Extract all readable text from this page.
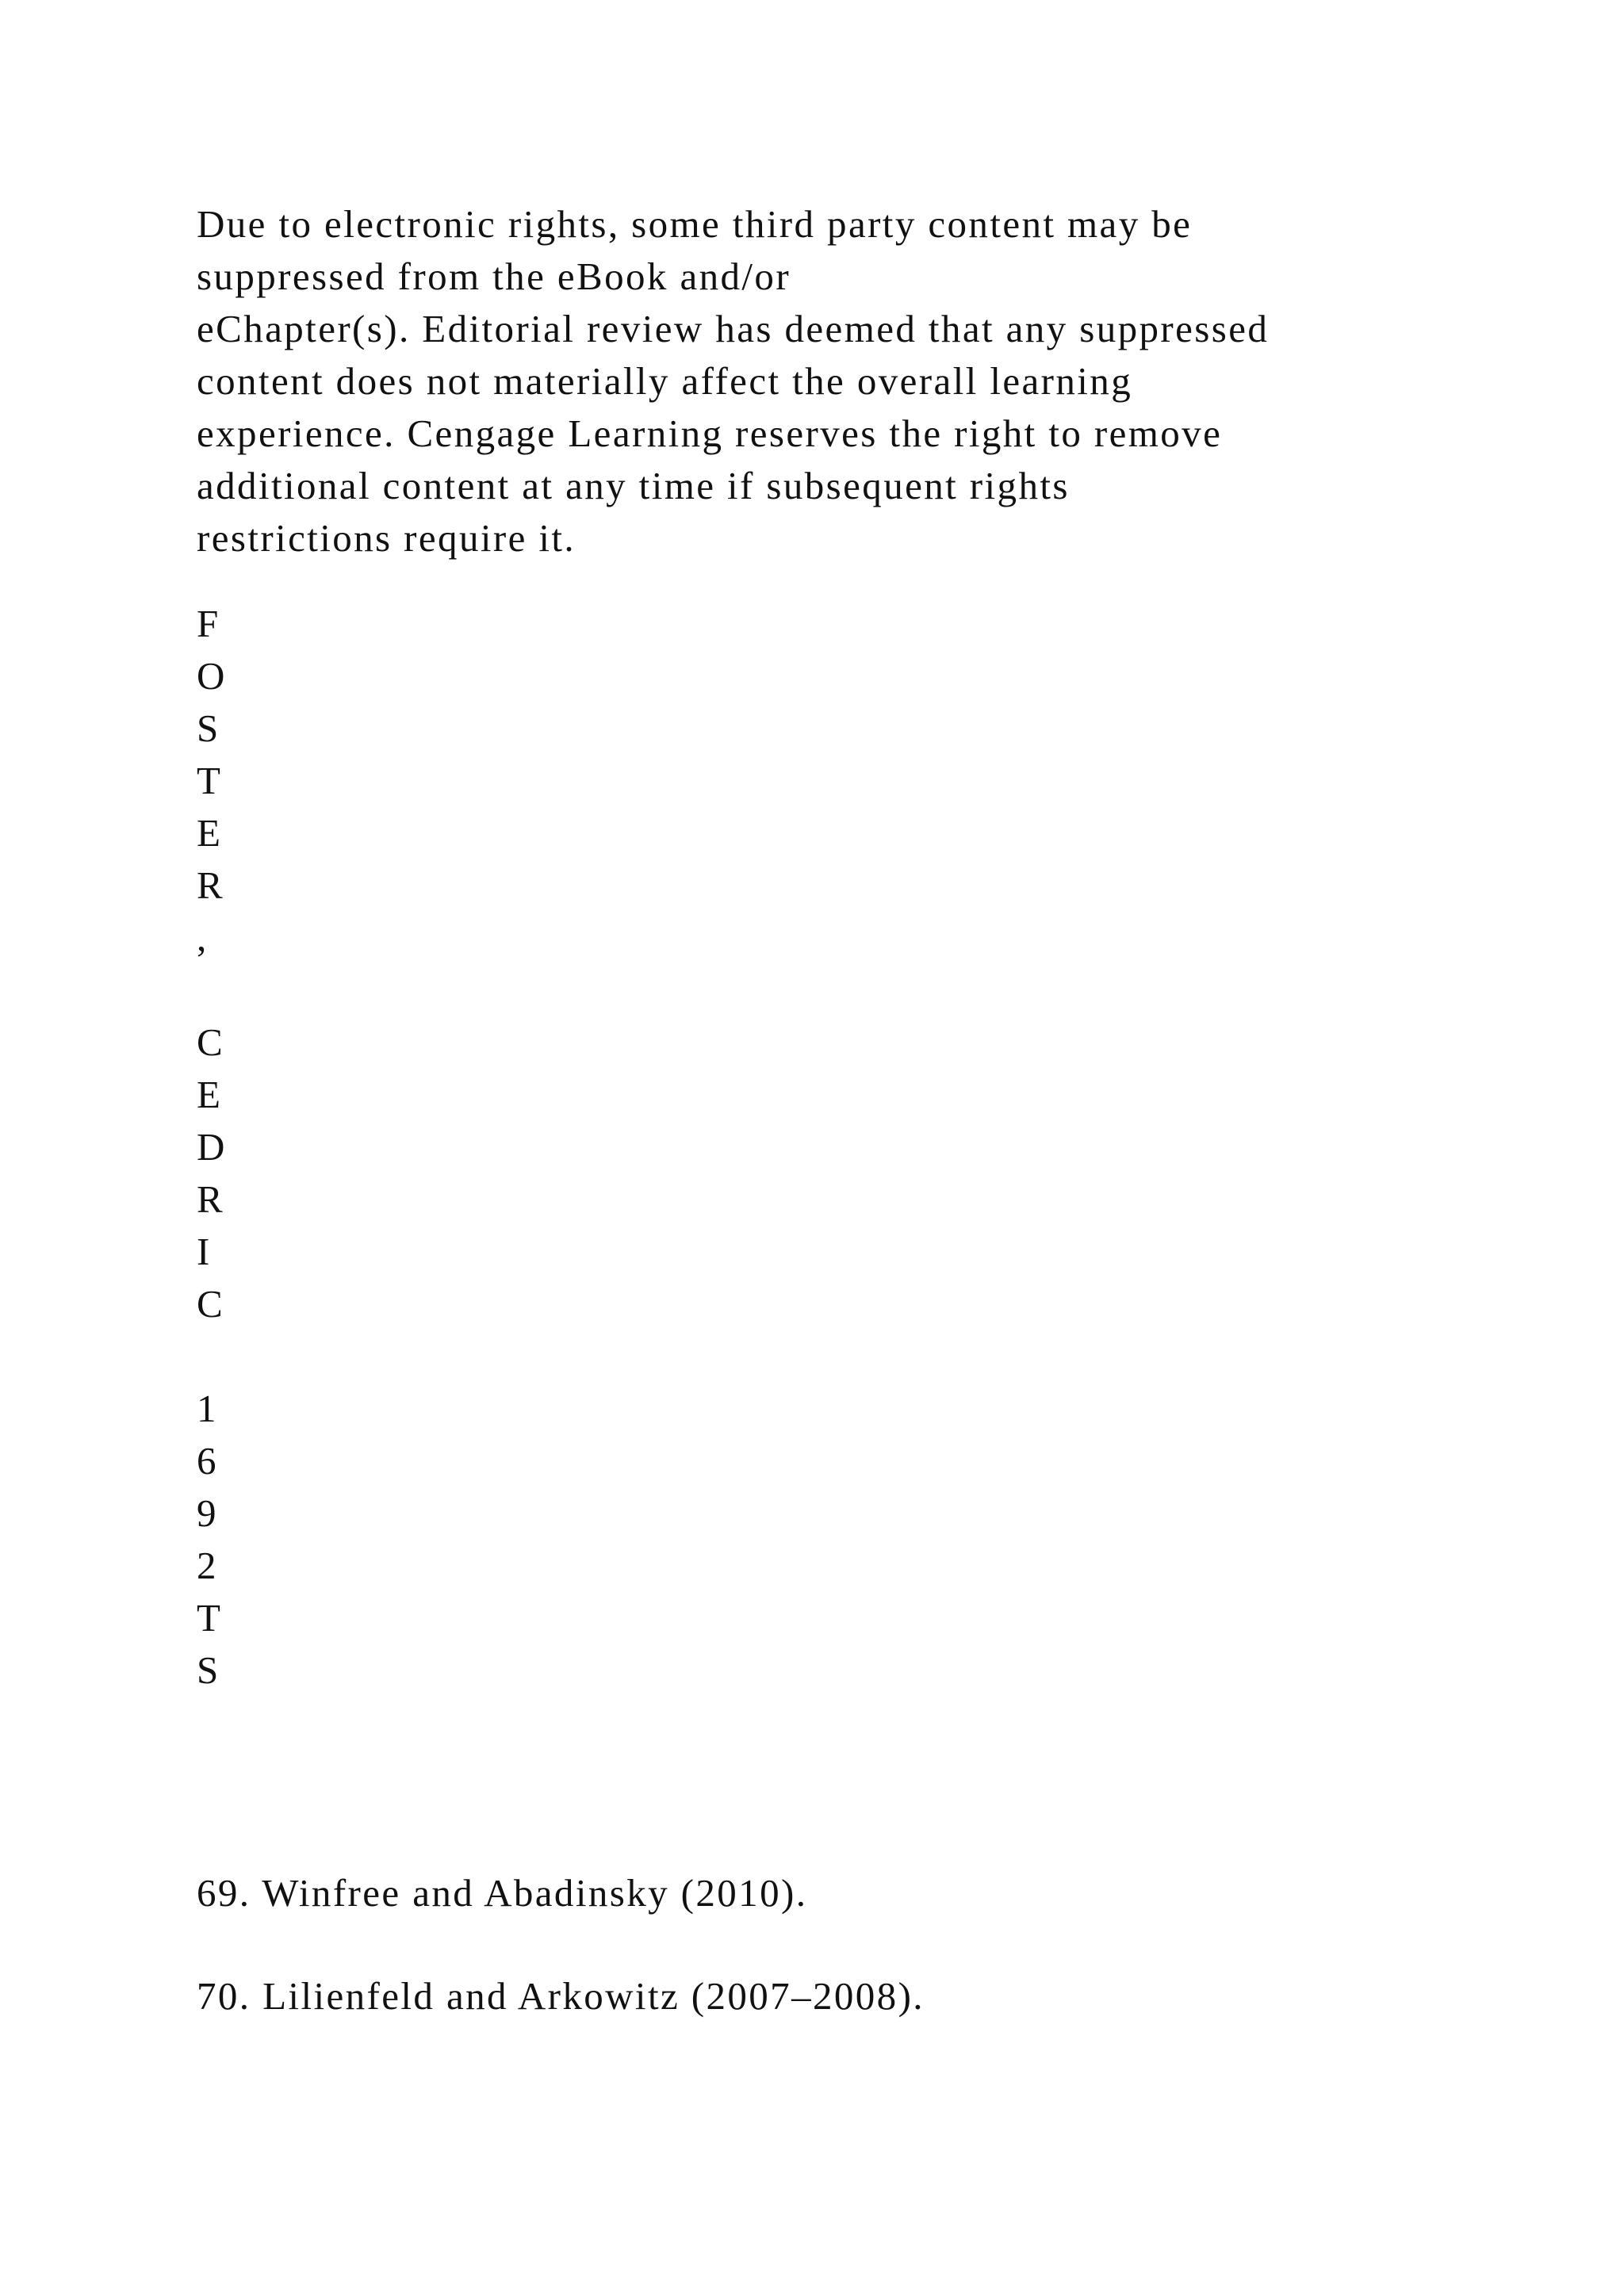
Due to electronic rights, some third party content may be
suppressed from the eBook and/or
eChapter(s). Editorial review has deemed that any suppressed
content does not materially affect the overall learning
experience. Cengage Learning reserves the right to remove
additional content at any time if subsequent rights
restrictions require it.

F
O
S
T
E
R
,
C
E
D
R
I
C
1
6
9
2
T
S
69. Winfree and Abadinsky (2010).
70. Lilienfeld and Arkowitz (2007–2008).
